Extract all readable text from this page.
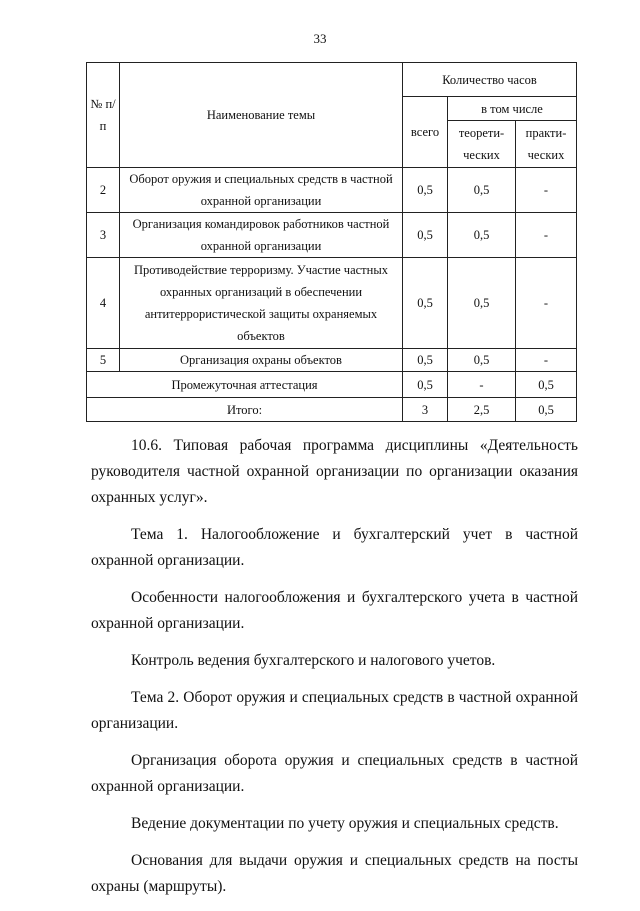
33
№ п/п	Наименование темы	Количество часов		
		всего	в том числе	
			теорети-ческих	практи-ческих
2	Оборот оружия и специальных средств в частной охранной организации	0,5	0,5	-
3	Организация командировок работников частной охранной организации	0,5	0,5	-
4	Противодействие терроризму. Участие частных охранных организаций в обеспечении антитеррористической защиты охраняемых объектов	0,5	0,5	-
5	Организация охраны объектов	0,5	0,5	-
Промежуточная аттестация		0,5	-	0,5
Итого:		3	2,5	0,5

10.6. Типовая рабочая программа дисциплины «Деятельность руководителя частной охранной организации по организации оказания охранных услуг».

Тема 1. Налогообложение и бухгалтерский учет в частной охранной организации.

Особенности налогообложения и бухгалтерского учета в частной охранной организации.

Контроль ведения бухгалтерского и налогового учетов.

Тема 2. Оборот оружия и специальных средств в частной охранной организации.

Организация оборота оружия и специальных средств в частной охранной организации.

Ведение документации по учету оружия и специальных средств.

Основания для выдачи оружия и специальных средств на посты охраны (маршруты).
